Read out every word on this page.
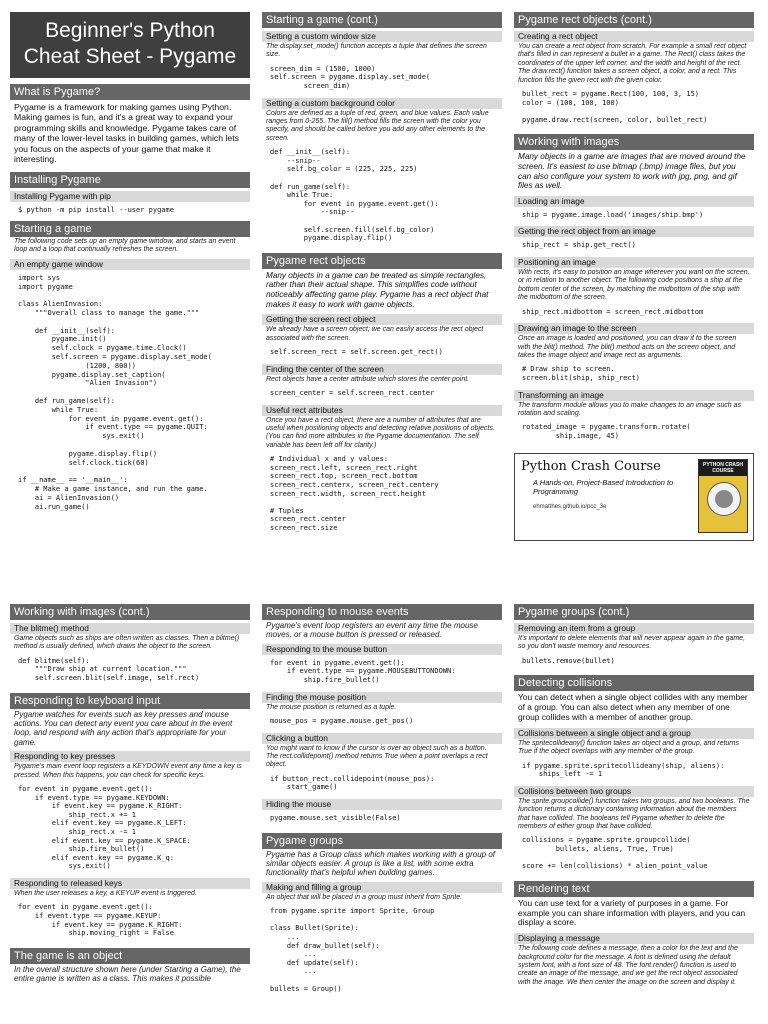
Beginner's Python Cheat Sheet - Pygame
What is Pygame?
Pygame is a framework for making games using Python. Making games is fun, and it's a great way to expand your programming skills and knowledge. Pygame takes care of many of the lower-level tasks in building games, which lets you focus on the aspects of your game that make it interesting.
Installing Pygame
Installing Pygame with pip
$ python -m pip install --user pygame
Starting a game
The following code sets up an empty game window, and starts an event loop and a loop that continually refreshes the screen.
An empty game window
import sys
import pygame

class AlienInvasion:
"""Overall class to manage the game."""

def __init__(self):
pygame.init()
self.clock = pygame.time.Clock()
self.screen = pygame.display.set_mode(
(1200, 800))
pygame.display.set_caption(
"Alien Invasion")

def run_game(self):
while True:
for event in pygame.event.get():
if event.type == pygame.QUIT:
sys.exit()

pygame.display.flip()
self.clock.tick(60)

if __name__ == '__main__':
# Make a game instance, and run the game.
ai = AlienInvasion()
ai.run_game()
Starting a game (cont.)
Setting a custom window size
The display.set_mode() function accepts a tuple that defines the screen size.
screen_dim = (1500, 1000)
self.screen = pygame.display.set_mode(
screen_dim)
Setting a custom background color
Colors are defined as a tuple of red, green, and blue values. Each value ranges from 0-255. The fill() method fills the screen with the color you specify, and should be called before you add any other elements to the screen.
def __init__(self):
--snip--
self.bg_color = (225, 225, 225)

def run_game(self):
while True:
for event in pygame.event.get():
--snip--

self.screen.fill(self.bg_color)
pygame.display.flip()
Pygame rect objects
Many objects in a game can be treated as simple rectangles, rather than their actual shape. This simplifies code without noticeably affecting game play. Pygame has a rect object that makes it easy to work with game objects.
Getting the screen rect object
We already have a screen object; we can easily access the rect object associated with the screen.
self.screen_rect = self.screen.get_rect()
Finding the center of the screen
Rect objects have a center attribute which stores the center point.
screen_center = self.screen_rect.center
Useful rect attributes
Once you have a rect object, there are a number of attributes that are useful when positioning objects and detecting relative positions of objects. (You can find more attributes in the Pygame documentation. The self variable has been left off for clarity.)
# Individual x and y values:
screen_rect.left, screen_rect.right
screen_rect.top, screen_rect.bottom
screen_rect.centerx, screen_rect.centery
screen_rect.width, screen_rect.height

# Tuples
screen_rect.center
screen_rect.size
Pygame rect objects (cont.)
Creating a rect object
You can create a rect object from scratch. For example a small rect object that's filled in can represent a bullet in a game. The Rect() class takes the coordinates of the upper left corner, and the width and height of the rect. The draw.rect() function takes a screen object, a color, and a rect. This function fills the given rect with the given color.
bullet_rect = pygame.Rect(100, 100, 3, 15)
color = (100, 100, 100)

pygame.draw.rect(screen, color, bullet_rect)
Working with images
Many objects in a game are images that are moved around the screen. It's easiest to use bitmap (.bmp) image files, but you can also configure your system to work with jpg, png, and gif files as well.
Loading an image
ship = pygame.image.load('images/ship.bmp')
Getting the rect object from an image
ship_rect = ship.get_rect()
Positioning an image
With rects, it's easy to position an image wherever you want on the screen, or in relation to another object. The following code positions a ship at the bottom center of the screen, by matching the midbottom of the ship with the midbottom of the screen.
ship_rect.midbottom = screen_rect.midbottom
Drawing an image to the screen
Once an image is loaded and positioned, you can draw it to the screen with the blit() method. The blit() method acts on the screen object, and takes the image object and image rect as arguments.
# Draw ship to screen.
screen.blit(ship, ship_rect)
Transforming an image
The transform module allows you to make changes to an image such as rotation and scaling.
rotated_image = pygame.transform.rotate(
ship.image, 45)
Python Crash Course
A Hands-on, Project-Based Introduction to Programming
ehmatthes.github.io/pcc_3e
PYTHON CRASH COURSE
Working with images (cont.)
The blitme() method
Game objects such as ships are often written as classes. Then a blitme() method is usually defined, which draws the object to the screen.
def blitme(self):
"""Draw ship at current location."""
self.screen.blit(self.image, self.rect)
Responding to keyboard input
Pygame watches for events such as key presses and mouse actions. You can detect any event you care about in the event loop, and respond with any action that's appropriate for your game.
Responding to key presses
Pygame's main event loop registers a KEYDOWN event any time a key is pressed. When this happens, you can check for specific keys.
for event in pygame.event.get():
if event.type == pygame.KEYDOWN:
if event.key == pygame.K_RIGHT:
ship_rect.x += 1
elif event.key == pygame.K_LEFT:
ship_rect.x -= 1
elif event.key == pygame.K_SPACE:
ship.fire_bullet()
elif event.key == pygame.K_q:
sys.exit()
Responding to released keys
When the user releases a key, a KEYUP event is triggered.
for event in pygame.event.get():
if event.type == pygame.KEYUP:
if event.key == pygame.K_RIGHT:
ship.moving_right = False
The game is an object
In the overall structure shown here (under Starting a Game), the entire game is written as a class. This makes it possible
Responding to mouse events
Pygame's event loop registers an event any time the mouse moves, or a mouse button is pressed or released.
Responding to the mouse button
for event in pygame.event.get():
if event.type == pygame.MOUSEBUTTONDOWN:
ship.fire_bullet()
Finding the mouse position
The mouse position is returned as a tuple.
mouse_pos = pygame.mouse.get_pos()
Clicking a button
You might want to know if the cursor is over an object such as a button. The rect.collidepoint() method returns True when a point overlaps a rect object.
if button_rect.collidepoint(mouse_pos):
start_game()
Hiding the mouse
pygame.mouse.set_visible(False)
Pygame groups
Pygame has a Group class which makes working with a group of similar objects easier. A group is like a list, with some extra functionality that's helpful when building games.
Making and filling a group
An object that will be placed in a group must inherit from Sprite.
from pygame.sprite import Sprite, Group

class Bullet(Sprite):
...
def draw_bullet(self):
...
def update(self):
...

bullets = Group()
Pygame groups (cont.)
Removing an item from a group
It's important to delete elements that will never appear again in the game, so you don't waste memory and resources.
bullets.remove(bullet)
Detecting collisions
You can detect when a single object collides with any member of a group. You can also detect when any member of one group collides with a member of another group.
Collisions between a single object and a group
The spritecollideany() function takes an object and a group, and returns True if the object overlaps with any member of the group.
if pygame.sprite.spritecollideany(ship, aliens):
ships_left -= 1
Collisions between two groups
The sprite.groupcollide() function takes two groups, and two booleans. The function returns a dictionary containing information about the members that have collided. The booleans tell Pygame whether to delete the members of either group that have collided.
collisions = pygame.sprite.groupcollide(
bullets, aliens, True, True)

score += len(collisions) * alien_point_value
Rendering text
You can use text for a variety of purposes in a game. For example you can share information with players, and you can display a score.
Displaying a message
The following code defines a message, then a color for the text and the background color for the message. A font is defined using the default system font, with a font size of 48. The font.render() function is used to create an image of the message, and we get the rect object associated with the image. We then center the image on the screen and display it.
